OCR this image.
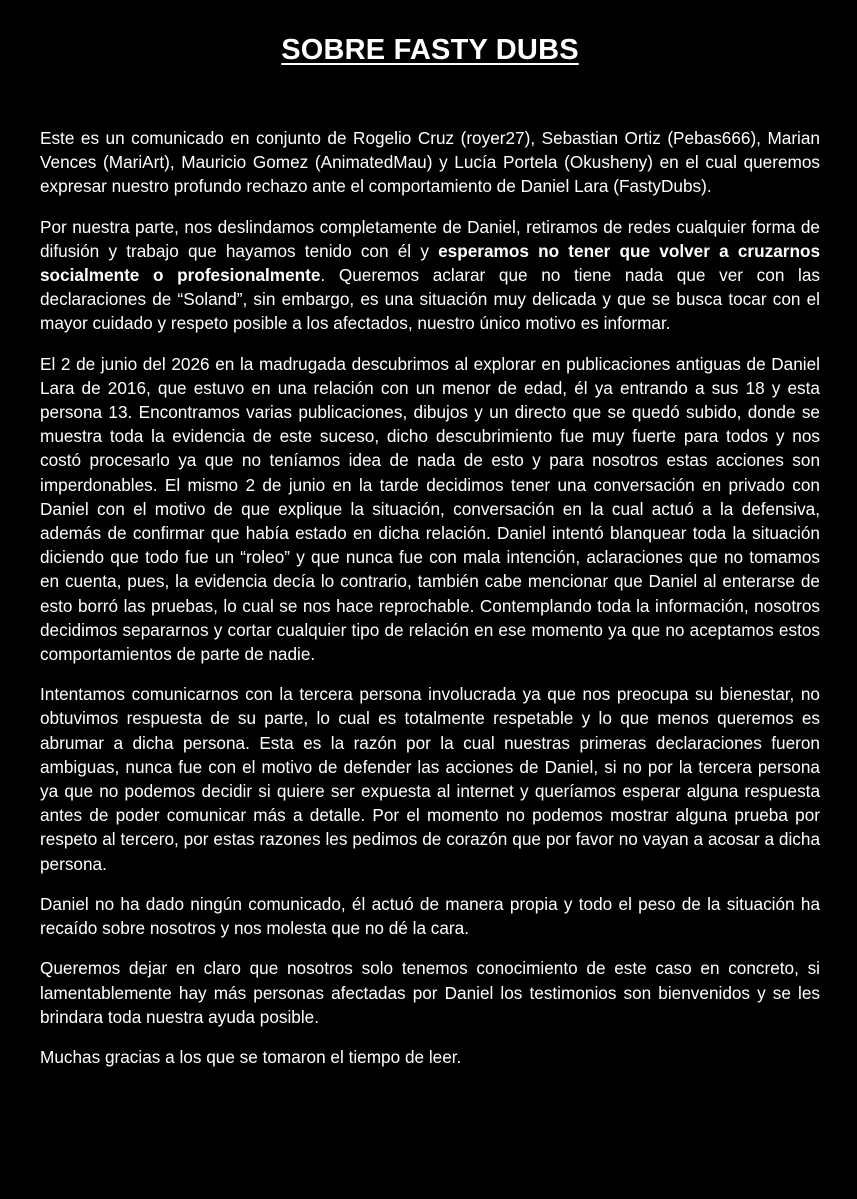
SOBRE FASTY DUBS

Este es un comunicado en conjunto de Rogelio Cruz (royer27), Sebastian Ortiz (Pebas666), Marian Vences (MariArt), Mauricio Gomez (AnimatedMau) y Lucía Portela (Okusheny) en el cual queremos expresar nuestro profundo rechazo ante el comportamiento de Daniel Lara (FastyDubs).

Por nuestra parte, nos deslindamos completamente de Daniel, retiramos de redes cualquier forma de difusión y trabajo que hayamos tenido con él y esperamos no tener que volver a cruzarnos socialmente o profesionalmente. Queremos aclarar que no tiene nada que ver con las declaraciones de “Soland”, sin embargo, es una situación muy delicada y que se busca tocar con el mayor cuidado y respeto posible a los afectados, nuestro único motivo es informar.

El 2 de junio del 2026 en la madrugada descubrimos al explorar en publicaciones antiguas de Daniel Lara de 2016, que estuvo en una relación con un menor de edad, él ya entrando a sus 18 y esta persona 13. Encontramos varias publicaciones, dibujos y un directo que se quedó subido, donde se muestra toda la evidencia de este suceso, dicho descubrimiento fue muy fuerte para todos y nos costó procesarlo ya que no teníamos idea de nada de esto y para nosotros estas acciones son imperdonables. El mismo 2 de junio en la tarde decidimos tener una conversación en privado con Daniel con el motivo de que explique la situación, conversación en la cual actuó a la defensiva, además de confirmar que había estado en dicha relación. Daniel intentó blanquear toda la situación diciendo que todo fue un “roleo” y que nunca fue con mala intención, aclaraciones que no tomamos en cuenta, pues, la evidencia decía lo contrario, también cabe mencionar que Daniel al enterarse de esto borró las pruebas, lo cual se nos hace reprochable. Contemplando toda la información, nosotros decidimos separarnos y cortar cualquier tipo de relación en ese momento ya que no aceptamos estos comportamientos de parte de nadie.

Intentamos comunicarnos con la tercera persona involucrada ya que nos preocupa su bienestar, no obtuvimos respuesta de su parte, lo cual es totalmente respetable y lo que menos queremos es abrumar a dicha persona. Esta es la razón por la cual nuestras primeras declaraciones fueron ambiguas, nunca fue con el motivo de defender las acciones de Daniel, si no por la tercera persona ya que no podemos decidir si quiere ser expuesta al internet y queríamos esperar alguna respuesta antes de poder comunicar más a detalle. Por el momento no podemos mostrar alguna prueba por respeto al tercero, por estas razones les pedimos de corazón que por favor no vayan a acosar a dicha persona.

Daniel no ha dado ningún comunicado, él actuó de manera propia y todo el peso de la situación ha recaído sobre nosotros y nos molesta que no dé la cara.

Queremos dejar en claro que nosotros solo tenemos conocimiento de este caso en concreto, si lamentablemente hay más personas afectadas por Daniel los testimonios son bienvenidos y se les brindara toda nuestra ayuda posible.

Muchas gracias a los que se tomaron el tiempo de leer.
